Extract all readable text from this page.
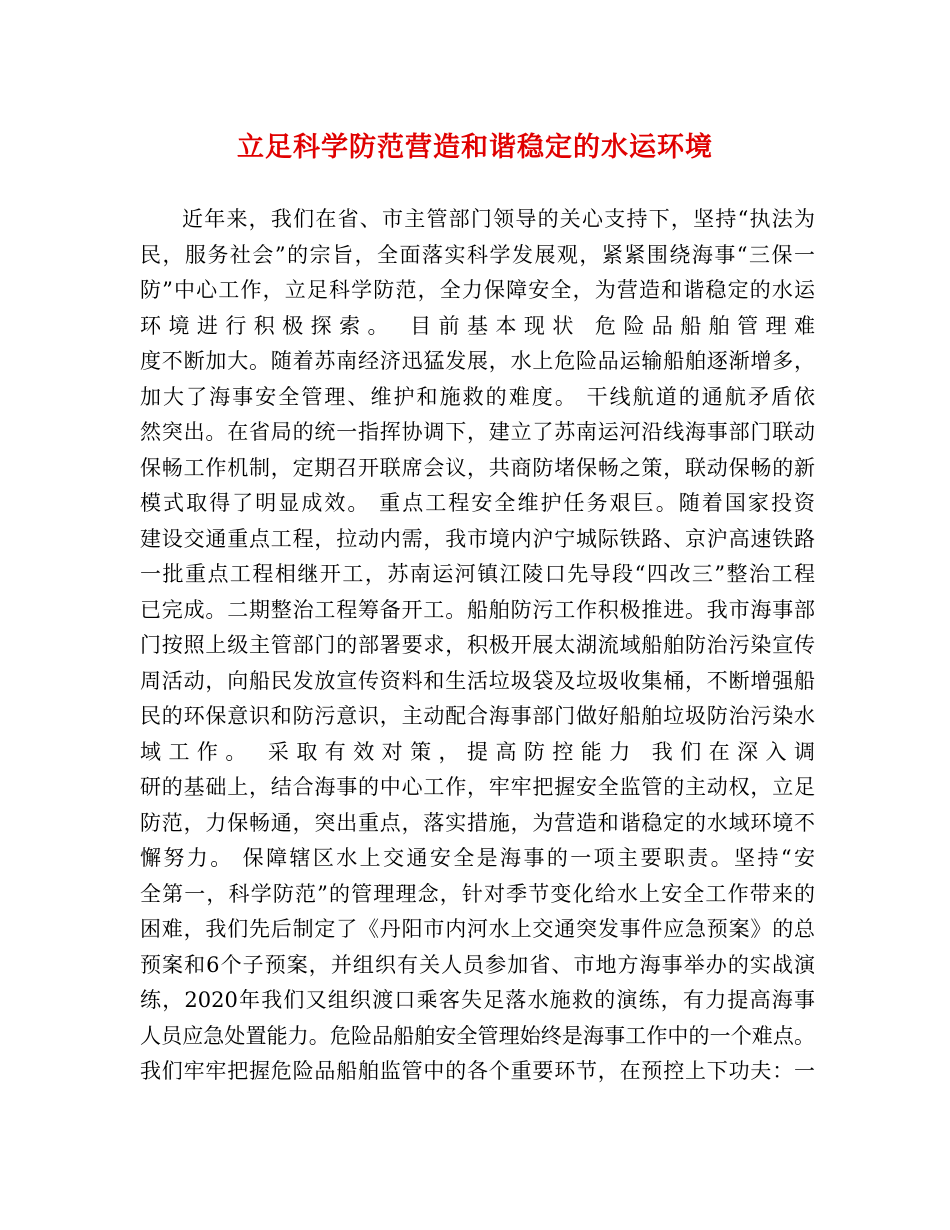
立足科学防范营造和谐稳定的水运环境
近年来，我们在省、市主管部门领导的关心支持下，坚持“执法为
民，服务社会”的宗旨，全面落实科学发展观，紧紧围绕海事“三保一
防”中心工作，立足科学防范，全力保障安全，为营造和谐稳定的水运
环境进行积极探索。 目前基本现状 危险品船舶管理难
度不断加大。随着苏南经济迅猛发展，水上危险品运输船舶逐渐增多，
加大了海事安全管理、维护和施救的难度。 干线航道的通航矛盾依
然突出。在省局的统一指挥协调下，建立了苏南运河沿线海事部门联动
保畅工作机制，定期召开联席会议，共商防堵保畅之策，联动保畅的新
模式取得了明显成效。 重点工程安全维护任务艰巨。随着国家投资
建设交通重点工程，拉动内需，我市境内沪宁城际铁路、京沪高速铁路
一批重点工程相继开工，苏南运河镇江陵口先导段“四改三”整治工程
已完成。二期整治工程筹备开工。船舶防污工作积极推进。我市海事部
门按照上级主管部门的部署要求，积极开展太湖流域船舶防治污染宣传
周活动，向船民发放宣传资料和生活垃圾袋及垃圾收集桶，不断增强船
民的环保意识和防污意识，主动配合海事部门做好船舶垃圾防治污染水
域工作。 采取有效对策，提高防控能力 我们在深入调
研的基础上，结合海事的中心工作，牢牢把握安全监管的主动权，立足
防范，力保畅通，突出重点，落实措施，为营造和谐稳定的水域环境不
懈努力。 保障辖区水上交通安全是海事的一项主要职责。坚持“安
全第一，科学防范”的管理理念，针对季节变化给水上安全工作带来的
困难，我们先后制定了《丹阳市内河水上交通突发事件应急预案》的总
预案和6个子预案，并组织有关人员参加省、市地方海事举办的实战演
练，2020年我们又组织渡口乘客失足落水施救的演练，有力提高海事
人员应急处置能力。危险品船舶安全管理始终是海事工作中的一个难点。
我们牢牢把握危险品船舶监管中的各个重要环节，在预控上下功夫：一
